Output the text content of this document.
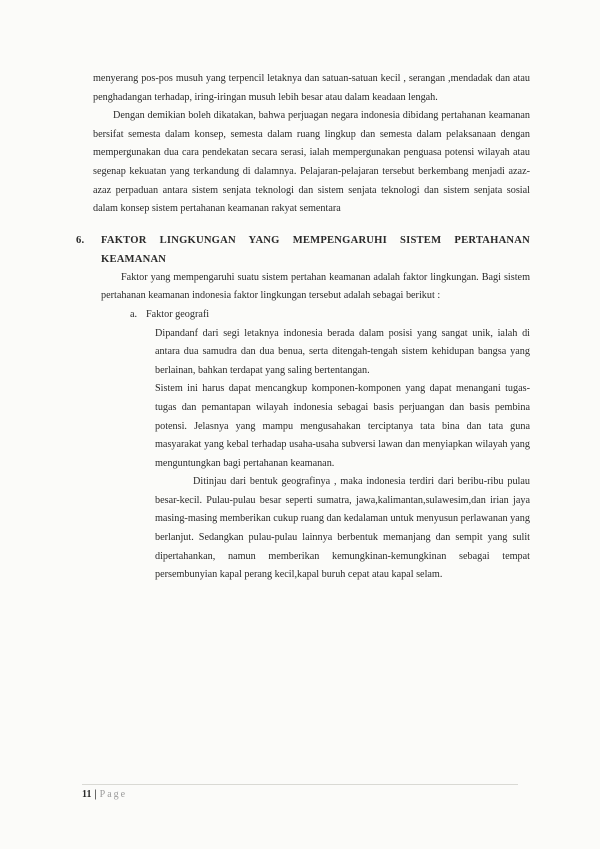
menyerang pos-pos musuh yang terpencil letaknya dan satuan-satuan kecil , serangan ,mendadak dan atau penghadangan terhadap, iring-iringan musuh lebih besar atau dalam keadaan lengah.

Dengan demikian boleh dikatakan, bahwa perjuagan negara indonesia dibidang pertahanan keamanan bersifat semesta dalam konsep, semesta dalam ruang lingkup dan semesta dalam pelaksanaan dengan mempergunakan dua cara pendekatan secara serasi, ialah mempergunakan penguasa potensi wilayah atau segenap kekuatan yang terkandung di dalamnya. Pelajaran-pelajaran tersebut berkembang menjadi azaz-azaz perpaduan antara sistem senjata teknologi dan sistem senjata teknologi dan sistem senjata sosial dalam konsep sistem pertahanan keamanan rakyat sementara

6.	FAKTOR LINGKUNGAN YANG MEMPENGARUHI SISTEM PERTAHANAN KEAMANAN

Faktor yang mempengaruhi suatu sistem pertahan keamanan adalah faktor lingkungan. Bagi sistem pertahanan keamanan indonesia faktor lingkungan tersebut adalah sebagai berikut :

a. Faktor geografi

Dipandanf dari segi letaknya indonesia berada dalam posisi yang sangat unik, ialah di antara dua samudra dan dua benua, serta ditengah-tengah sistem kehidupan bangsa yang berlainan, bahkan terdapat yang saling bertentangan.

Sistem ini harus dapat mencangkup komponen-komponen yang dapat menangani tugas-tugas dan pemantapan wilayah indonesia sebagai basis perjuangan dan basis pembina potensi. Jelasnya yang mampu mengusahakan terciptanya tata bina dan tata guna masyarakat yang kebal terhadap usaha-usaha subversi lawan dan menyiapkan wilayah yang menguntungkan bagi pertahanan keamanan.

Ditinjau dari bentuk geografinya , maka indonesia terdiri dari beribu-ribu pulau besar-kecil. Pulau-pulau besar seperti sumatra, jawa,kalimantan,sulawesim,dan irian jaya masing-masing memberikan cukup ruang dan kedalaman untuk menyusun perlawanan yang berlanjut. Sedangkan pulau-pulau lainnya berbentuk memanjang dan sempit yang sulit dipertahankan, namun memberikan kemungkinan-kemungkinan sebagai tempat persembunyian kapal perang kecil,kapal buruh cepat atau kapal selam.

11 | Page
